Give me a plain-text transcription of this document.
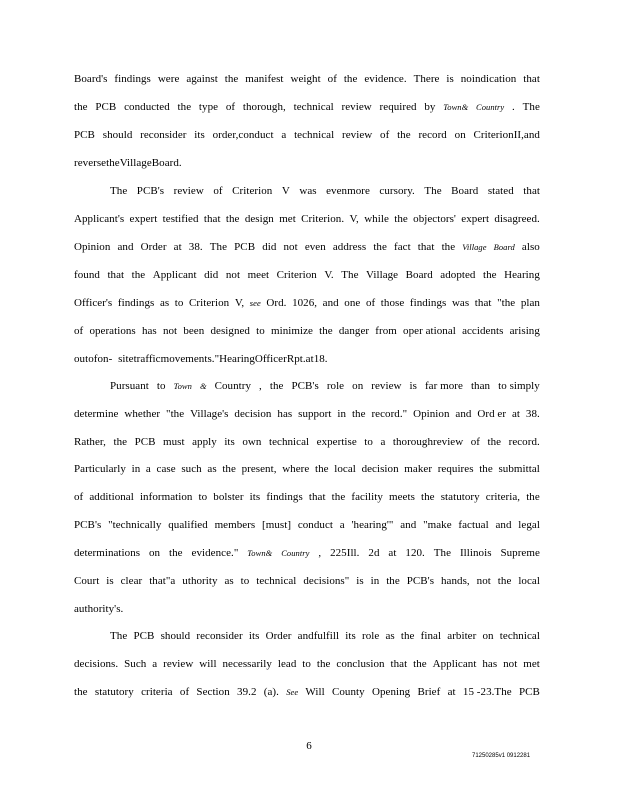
Board's findings were against the manifest weight of the evidence. There is noindication that
the PCB conducted the type of thorough, technical review required by Town& Country . The
PCB should reconsider its order,conduct a technical review of the record on CriterionII,and
reverse the VillageBoard.
The PCB's review of Criterion V was evenmore cursory. The Board stated that
Applicant's expert testified that the design met Criterion. V, while the objectors' expert disagreed.
Opinion and Order at 38. The PCB did not even address the fact that the Village Board also
found that the Applicant did not meet Criterion V. The Village Board adopted the Hearing
Officer's findings as to Criterion V, see Ord. 1026, and one of those findings was that "the plan
of operations has not been designed to minimize the danger from oper ational accidents arising
out of on- site traffic movements." Hearing Officer Rpt. at 18.
Pursuant to Town & Country , the PCB's role on review is far more than to simply
determine whether "the Village's decision has support in the record." Opinion and Ord er at 38.
Rather, the PCB must apply its own technical expertise to a thoroughreview of the record.
Particularly in a case such as the present, where the local decision maker requires the submittal
of additional information to bolster its findings that the facility meets the statutory criteria, the
PCB's "technically qualified members [must] conduct a 'hearing'" and "make factual and legal
determinations on the evidence." Town& Country , 225Ill. 2d at 120. The Illinois Supreme
Court is clear that"a uthority as to technical decisions" is in the PCB's hands, not the local
authority's.
The PCB should reconsider its Order andfulfill its role as the final arbiter on technical
decisions. Such a review will necessarily lead to the conclusion that the Applicant has not met
the statutory criteria of Section 39.2 (a). See Will County Opening Brief at 15 -23.The PCB
6
71250285v1 0912281
